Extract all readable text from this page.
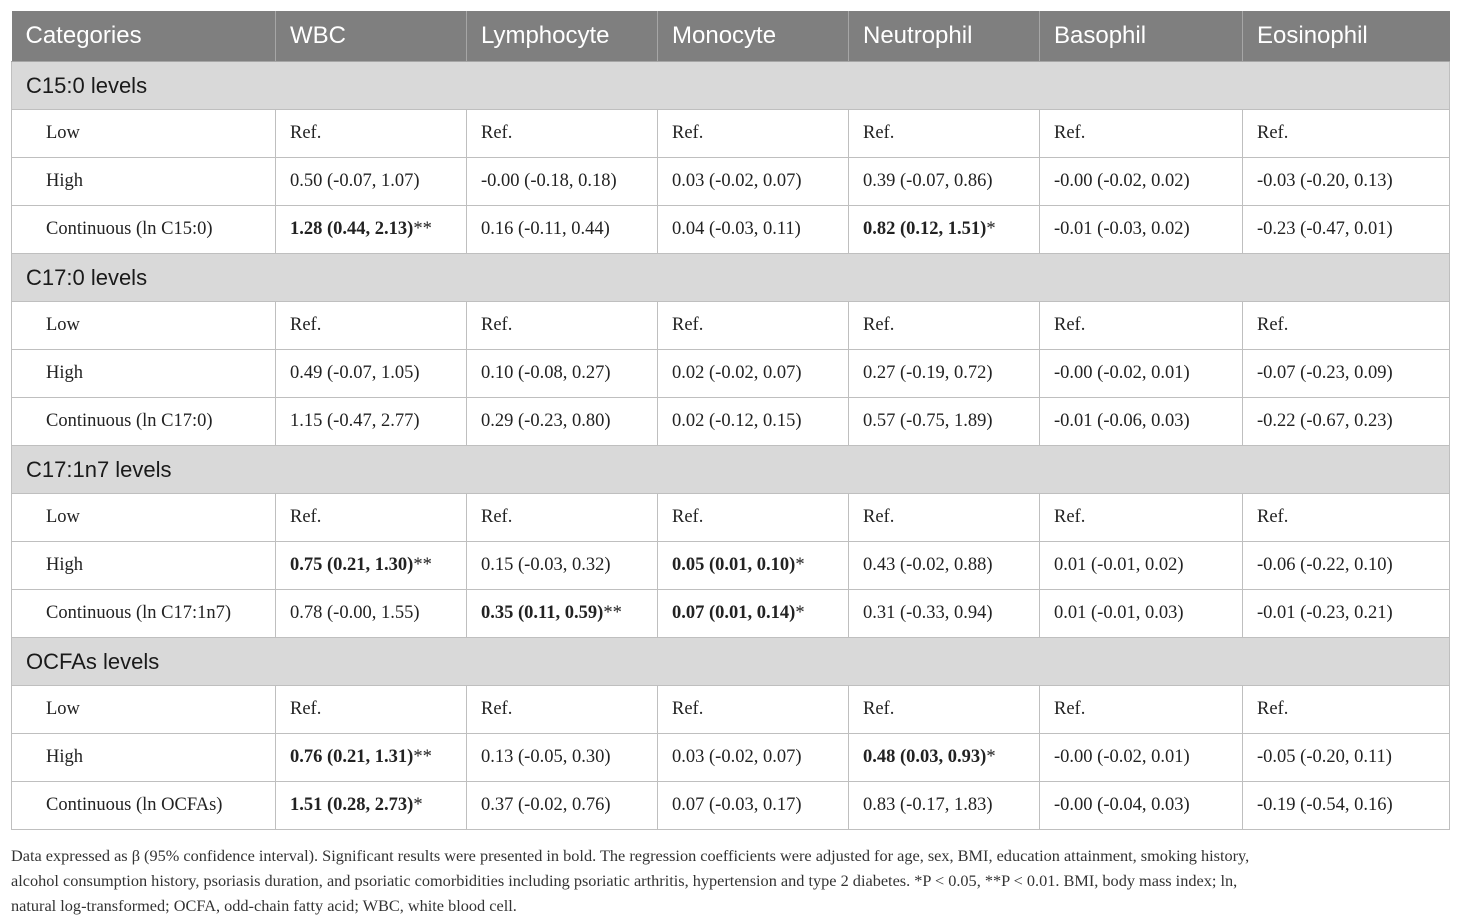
Categories	WBC	Lymphocyte	Monocyte	Neutrophil	Basophil	Eosinophil
C15:0 levels						
Low	Ref.	Ref.	Ref.	Ref.	Ref.	Ref.
High	0.50 (-0.07, 1.07)	-0.00 (-0.18, 0.18)	0.03 (-0.02, 0.07)	0.39 (-0.07, 0.86)	-0.00 (-0.02, 0.02)	-0.03 (-0.20, 0.13)
Continuous (ln C15:0)	1.28 (0.44, 2.13)**	0.16 (-0.11, 0.44)	0.04 (-0.03, 0.11)	0.82 (0.12, 1.51)*	-0.01 (-0.03, 0.02)	-0.23 (-0.47, 0.01)
C17:0 levels						
Low	Ref.	Ref.	Ref.	Ref.	Ref.	Ref.
High	0.49 (-0.07, 1.05)	0.10 (-0.08, 0.27)	0.02 (-0.02, 0.07)	0.27 (-0.19, 0.72)	-0.00 (-0.02, 0.01)	-0.07 (-0.23, 0.09)
Continuous (ln C17:0)	1.15 (-0.47, 2.77)	0.29 (-0.23, 0.80)	0.02 (-0.12, 0.15)	0.57 (-0.75, 1.89)	-0.01 (-0.06, 0.03)	-0.22 (-0.67, 0.23)
C17:1n7 levels						
Low	Ref.	Ref.	Ref.	Ref.	Ref.	Ref.
High	0.75 (0.21, 1.30)**	0.15 (-0.03, 0.32)	0.05 (0.01, 0.10)*	0.43 (-0.02, 0.88)	0.01 (-0.01, 0.02)	-0.06 (-0.22, 0.10)
Continuous (ln C17:1n7)	0.78 (-0.00, 1.55)	0.35 (0.11, 0.59)**	0.07 (0.01, 0.14)*	0.31 (-0.33, 0.94)	0.01 (-0.01, 0.03)	-0.01 (-0.23, 0.21)
OCFAs levels						
Low	Ref.	Ref.	Ref.	Ref.	Ref.	Ref.
High	0.76 (0.21, 1.31)**	0.13 (-0.05, 0.30)	0.03 (-0.02, 0.07)	0.48 (0.03, 0.93)*	-0.00 (-0.02, 0.01)	-0.05 (-0.20, 0.11)
Continuous (ln OCFAs)	1.51 (0.28, 2.73)*	0.37 (-0.02, 0.76)	0.07 (-0.03, 0.17)	0.83 (-0.17, 1.83)	-0.00 (-0.04, 0.03)	-0.19 (-0.54, 0.16)
Data expressed as β (95% confidence interval). Significant results were presented in bold. The regression coefficients were adjusted for age, sex, BMI, education attainment, smoking history,
alcohol consumption history, psoriasis duration, and psoriatic comorbidities including psoriatic arthritis, hypertension and type 2 diabetes. *P < 0.05, **P < 0.01. BMI, body mass index; ln,
natural log-transformed; OCFA, odd-chain fatty acid; WBC, white blood cell.
